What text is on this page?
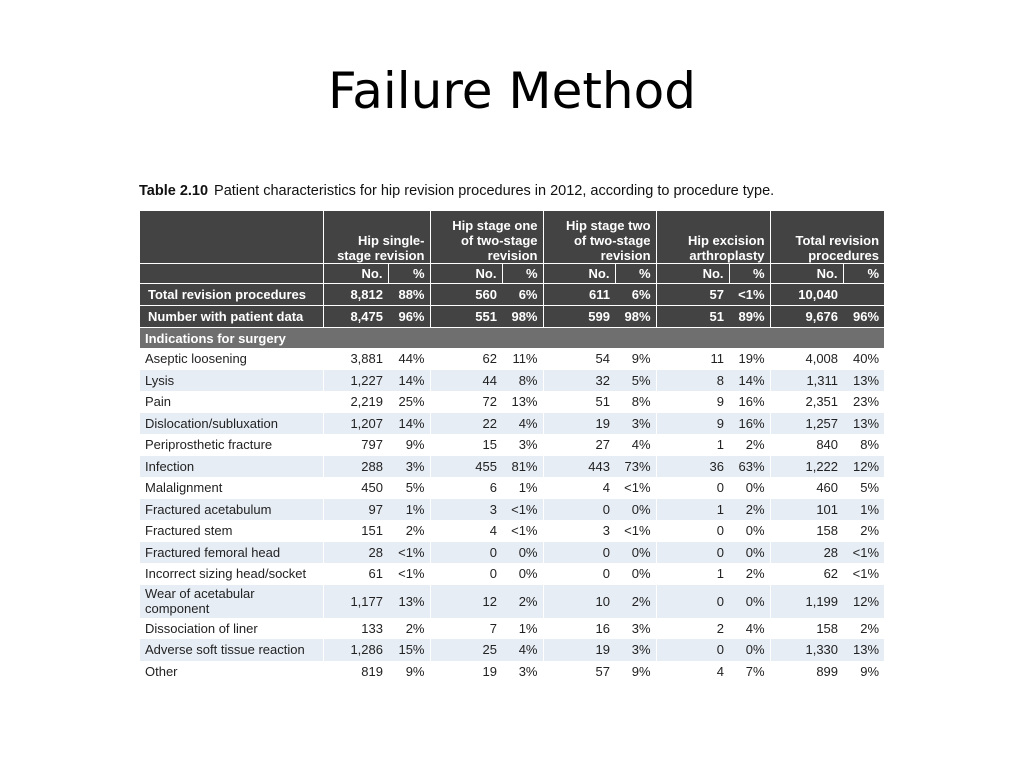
Failure Method
Table 2.10 Patient characteristics for hip revision procedures in 2012, according to procedure type.
	Hip single-
stage revision		Hip stage one
of two-stage
revision		Hip stage two
of two-stage
revision		Hip excision
arthroplasty		Total revision
procedures	
	No.	%	No.	%	No.	%	No.	%	No.	%
Total revision procedures	8,812	88%	560	6%	611	6%	57	<1%	10,040	
Number with patient data	8,475	96%	551	98%	599	98%	51	89%	9,676	96%
Indications for surgery										
Aseptic loosening	3,881	44%	62	11%	54	9%	11	19%	4,008	40%
Lysis	1,227	14%	44	8%	32	5%	8	14%	1,311	13%
Pain	2,219	25%	72	13%	51	8%	9	16%	2,351	23%
Dislocation/subluxation	1,207	14%	22	4%	19	3%	9	16%	1,257	13%
Periprosthetic fracture	797	9%	15	3%	27	4%	1	2%	840	8%
Infection	288	3%	455	81%	443	73%	36	63%	1,222	12%
Malalignment	450	5%	6	1%	4	<1%	0	0%	460	5%
Fractured acetabulum	97	1%	3	<1%	0	0%	1	2%	101	1%
Fractured stem	151	2%	4	<1%	3	<1%	0	0%	158	2%
Fractured femoral head	28	<1%	0	0%	0	0%	0	0%	28	<1%
Incorrect sizing head/socket	61	<1%	0	0%	0	0%	1	2%	62	<1%
Wear of acetabular
component	1,177	13%	12	2%	10	2%	0	0%	1,199	12%
Dissociation of liner	133	2%	7	1%	16	3%	2	4%	158	2%
Adverse soft tissue reaction	1,286	15%	25	4%	19	3%	0	0%	1,330	13%
Other	819	9%	19	3%	57	9%	4	7%	899	9%
